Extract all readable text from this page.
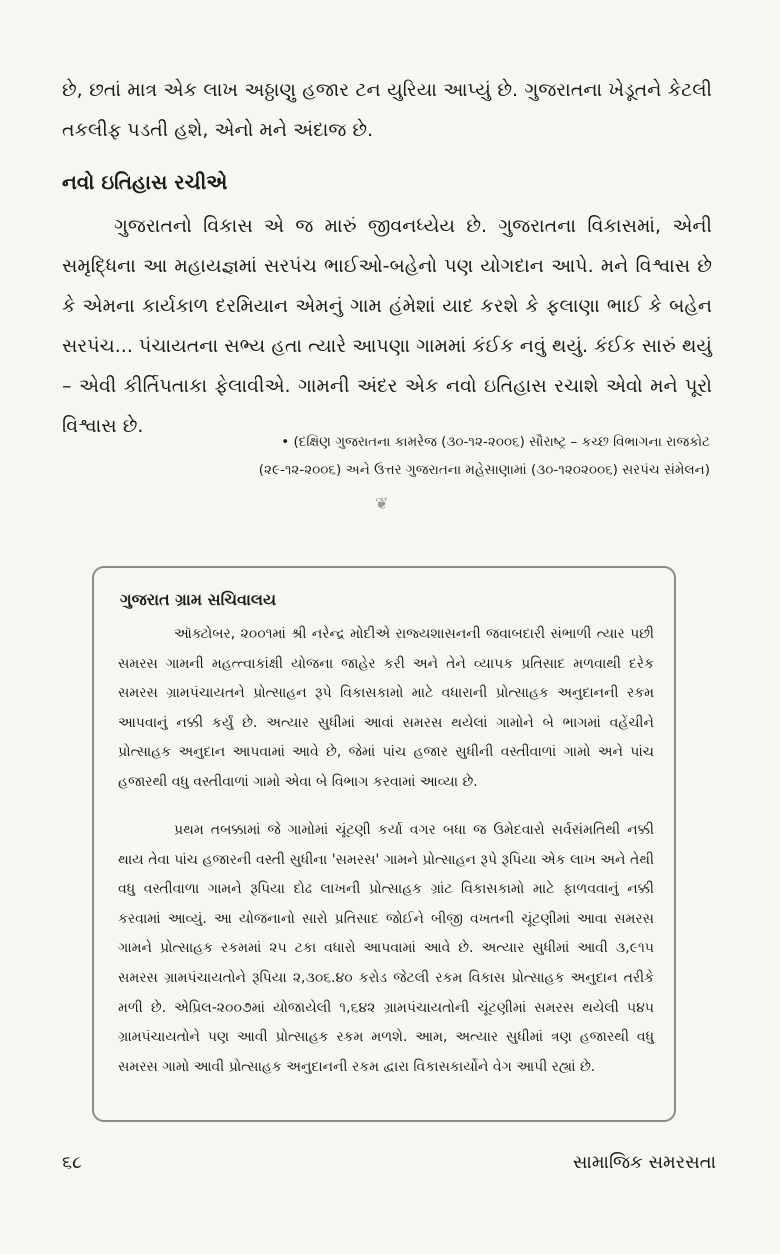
છે, છતાં માત્ર એક લાખ અઠ્ઠાણુ હજાર ટન યુરિયા આપ્યું છે. ગુજરાતના ખેડૂતને કેટલી તકલીફ પડતી હશે, એનો મને અંદાજ છે.

નવો ઇતિહાસ રચીએ

ગુજરાતનો વિકાસ એ જ મારું જીવનધ્યેય છે. ગુજરાતના વિકાસમાં, એની સમૃદ્ધિના આ મહાયજ્ઞમાં સરપંચ ભાઈઓ-બહેનો પણ યોગદાન આપે. મને વિશ્વાસ છે કે એમના કાર્યકાળ દરમિયાન એમનું ગામ હંમેશાં યાદ કરશે કે ફલાણા ભાઈ કે બહેન સરપંચ... પંચાયતના સભ્ય હતા ત્યારે આપણા ગામમાં કંઈક નવું થયું. કંઈક સારું થયું – એવી કીર્તિપતાકા ફેલાવીએ. ગામની અંદર એક નવો ઇતિહાસ રચાશે એવો મને પૂરો વિશ્વાસ છે.

• (દક્ષિણ ગુજરાતના કામરેજ (૩૦-૧૨-૨૦૦૬) સૌરાષ્ટ્ર – કચ્છ વિભાગના રાજકોટ

(૨૯-૧૨-૨૦૦૬) અને ઉત્તર ગુજરાતના મહેસાણામાં (૩૦-૧૨૦૨૦૦૬) સરપંચ સંમેલન)

❦
ગુજરાત ગ્રામ સચિવાલય

ઑક્ટોબર, ૨૦૦૧માં શ્રી નરેન્દ્ર મોદીએ રાજ્યશાસનની જવાબદારી સંભાળી ત્યાર પછી સમરસ ગામની મહત્ત્વાકાંક્ષી યોજના જાહેર કરી અને તેને વ્યાપક પ્રતિસાદ મળવાથી દરેક સમરસ ગ્રામપંચાયતને પ્રોત્સાહન રૂપે વિકાસકામો માટે વધારાની પ્રોત્સાહક અનુદાનની રકમ આપવાનું નક્કી કર્યું છે. અત્યાર સુધીમાં આવાં સમરસ થયેલાં ગામોને બે ભાગમાં વહેંચીને પ્રોત્સાહક અનુદાન આપવામાં આવે છે, જેમાં પાંચ હજાર સુધીની વસ્તીવાળાં ગામો અને પાંચ હજારથી વધુ વસ્તીવાળાં ગામો એવા બે વિભાગ કરવામાં આવ્યા છે.

પ્રથમ તબક્કામાં જે ગામોમાં ચૂંટણી કર્યા વગર બધા જ ઉમેદવારો સર્વસંમતિથી નક્કી થાય તેવા પાંચ હજારની વસ્તી સુધીના 'સમરસ' ગામને પ્રોત્સાહન રૂપે રૂપિયા એક લાખ અને તેથી વધુ વસ્તીવાળા ગામને રૂપિયા દોઢ લાખની પ્રોત્સાહક ગ્રાંટ વિકાસકામો માટે ફાળવવાનું નક્કી કરવામાં આવ્યું. આ યોજનાનો સારો પ્રતિસાદ જોઈને બીજી વખતની ચૂંટણીમાં આવા સમરસ ગામને પ્રોત્સાહક રકમમાં ૨૫ ટકા વધારો આપવામાં આવે છે. અત્યાર સુધીમાં આવી ૩,૯૧૫ સમરસ ગ્રામપંચાયતોને રૂપિયા ૨,૩૦૬.૪૦ કરોડ જેટલી રકમ વિકાસ પ્રોત્સાહક અનુદાન તરીકે મળી છે. એપ્રિલ-૨૦૦૭માં યોજાયેલી ૧,૬૪૨ ગ્રામપંચાયતોની ચૂંટણીમાં સમરસ થયેલી ૫૪૫ ગ્રામપંચાયતોને પણ આવી પ્રોત્સાહક રકમ મળશે. આમ, અત્યાર સુધીમાં ત્રણ હજારથી વધુ સમરસ ગામો આવી પ્રોત્સાહક અનુદાનની રકમ દ્વારા વિકાસકાર્યોને વેગ આપી રહ્યાં છે.

૬૮	સામાજિક સમરસતા
